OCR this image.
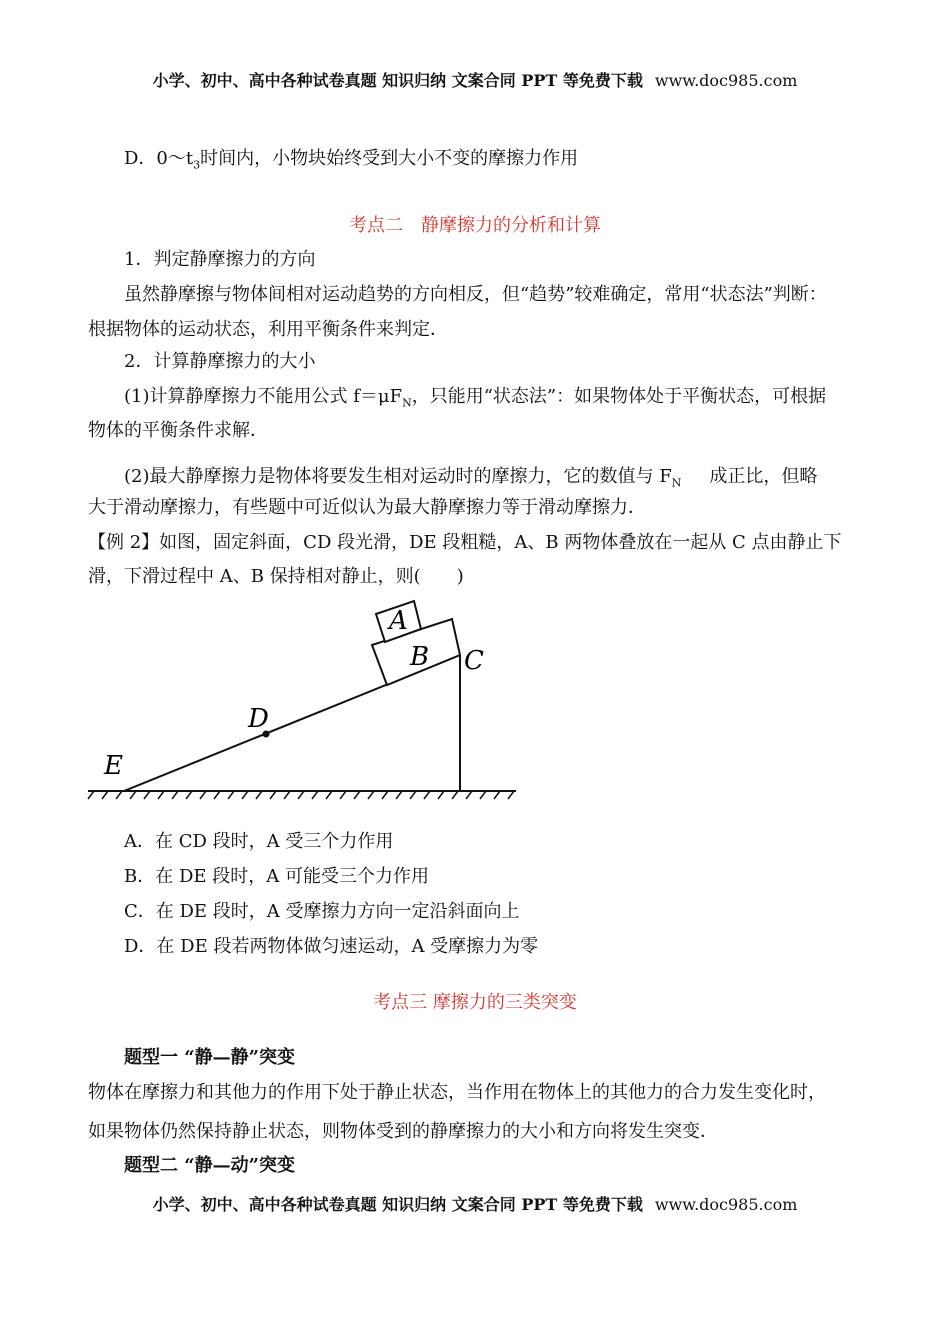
小学、初中、高中各种试卷真题 知识归纳 文案合同 PPT 等免费下载 www.doc985.com
D．$0\sim t_3$时间内，小物块始终受到大小不变的摩擦力作用
考点二　静摩擦力的分析和计算
1．判定静摩擦力的方向
虽然静摩擦与物体间相对运动趋势的方向相反，但“趋势”较难确定，常用“状态法”判断：
根据物体的运动状态，利用平衡条件来判定．
2．计算静摩擦力的大小
(1)计算静摩擦力不能用公式 $f=\mu F_N$，只能用“状态法”：如果物体处于平衡状态，可根据
物体的平衡条件求解．
(2)最大静摩擦力是物体将要发生相对运动时的摩擦力，它的数值与 $F_N$ 成正比，但略
大于滑动摩擦力，有些题中可近似认为最大静摩擦力等于滑动摩擦力．
【例 2】如图，固定斜面，CD 段光滑，DE 段粗糙，A、B 两物体叠放在一起从 C 点由静止下
滑，下滑过程中 A、B 保持相对静止，则(　　)
A
B C
D
E
A．在 CD 段时，A 受三个力作用
B．在 DE 段时，A 可能受三个力作用
C．在 DE 段时，A 受摩擦力方向一定沿斜面向上
D．在 DE 段若两物体做匀速运动，A 受摩擦力为零
考点三 摩擦力的三类突变
题型一 “静—静”突变
物体在摩擦力和其他力的作用下处于静止状态，当作用在物体上的其他力的合力发生变化时，
如果物体仍然保持静止状态，则物体受到的静摩擦力的大小和方向将发生突变．
题型二 “静—动”突变
小学、初中、高中各种试卷真题 知识归纳 文案合同 PPT 等免费下载 www.doc985.com
